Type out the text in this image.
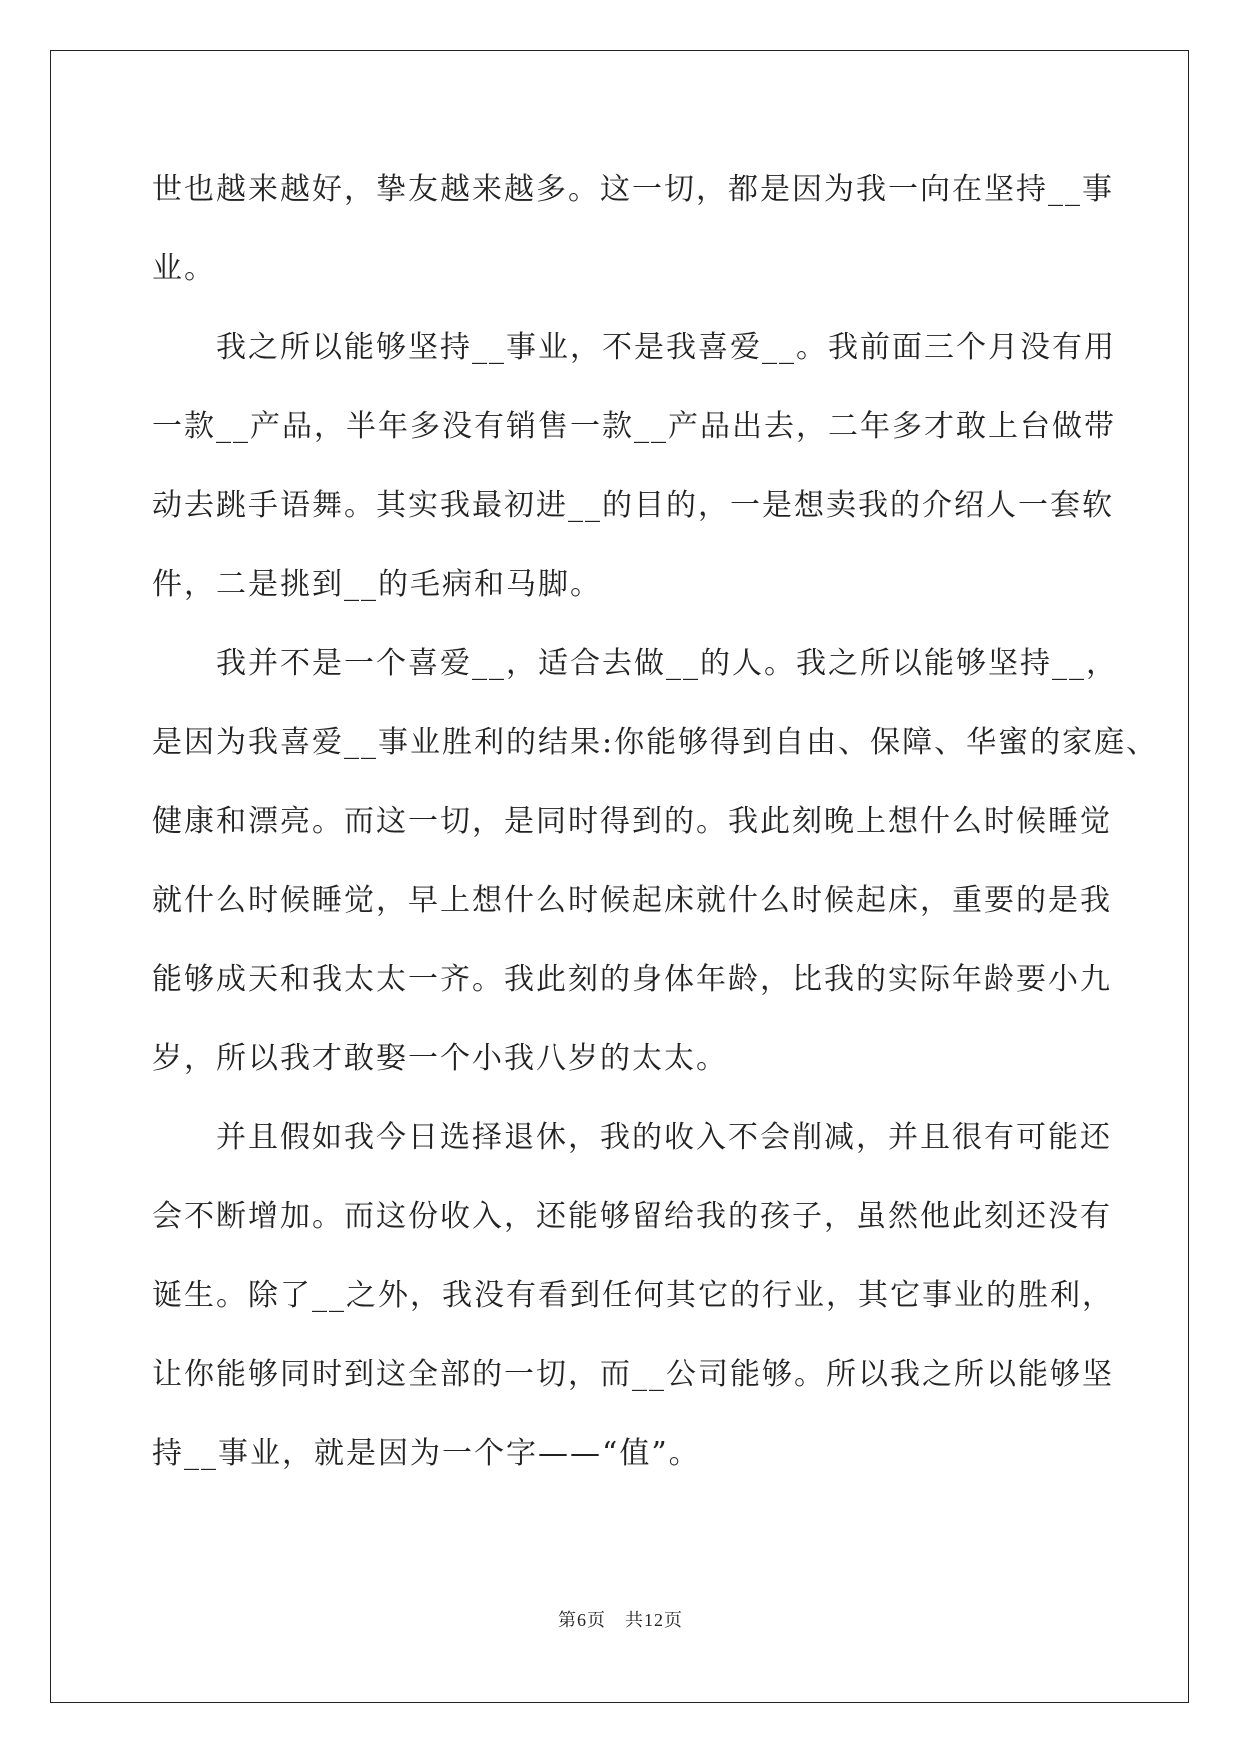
世也越来越好，挚友越来越多。这一切，都是因为我一向在坚持__事
业。
　　我之所以能够坚持__事业，不是我喜爱__。我前面三个月没有用
一款__产品，半年多没有销售一款__产品出去，二年多才敢上台做带
动去跳手语舞。其实我最初进__的目的，一是想卖我的介绍人一套软
件，二是挑到__的毛病和马脚。
　　我并不是一个喜爱__，适合去做__的人。我之所以能够坚持__，
是因为我喜爱__事业胜利的结果:你能够得到自由、保障、华蜜的家庭、
健康和漂亮。而这一切，是同时得到的。我此刻晚上想什么时候睡觉
就什么时候睡觉，早上想什么时候起床就什么时候起床，重要的是我
能够成天和我太太一齐。我此刻的身体年龄，比我的实际年龄要小九
岁，所以我才敢娶一个小我八岁的太太。
　　并且假如我今日选择退休，我的收入不会削减，并且很有可能还
会不断增加。而这份收入，还能够留给我的孩子，虽然他此刻还没有
诞生。除了__之外，我没有看到任何其它的行业，其它事业的胜利，
让你能够同时到这全部的一切，而__公司能够。所以我之所以能够坚
持__事业，就是因为一个字——“值”。
第6页　共12页
